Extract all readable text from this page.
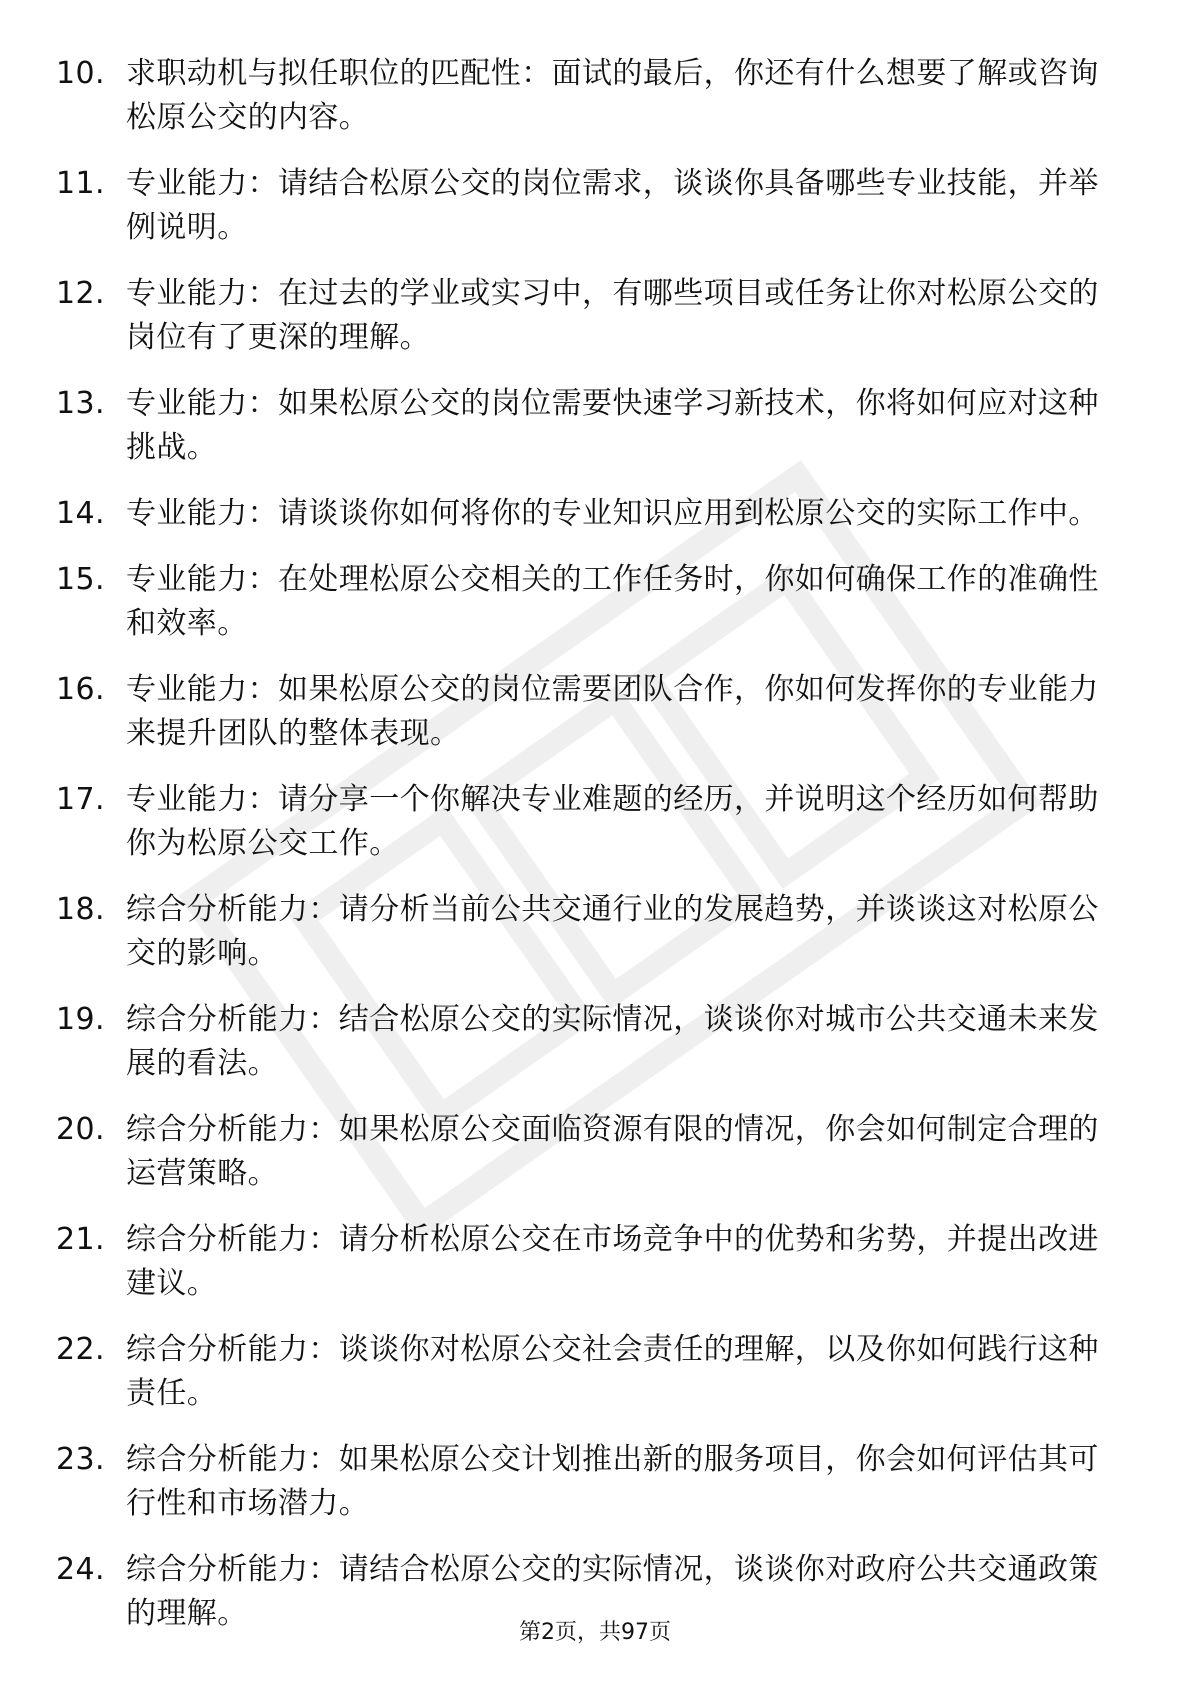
10. 求职动机与拟任职位的匹配性：面试的最后，你还有什么想要了解或咨询松原公交的内容。
11. 专业能力：请结合松原公交的岗位需求，谈谈你具备哪些专业技能，并举例说明。
12. 专业能力：在过去的学业或实习中，有哪些项目或任务让你对松原公交的岗位有了更深的理解。
13. 专业能力：如果松原公交的岗位需要快速学习新技术，你将如何应对这种挑战。
14. 专业能力：请谈谈你如何将你的专业知识应用到松原公交的实际工作中。
15. 专业能力：在处理松原公交相关的工作任务时，你如何确保工作的准确性和效率。
16. 专业能力：如果松原公交的岗位需要团队合作，你如何发挥你的专业能力来提升团队的整体表现。
17. 专业能力：请分享一个你解决专业难题的经历，并说明这个经历如何帮助你为松原公交工作。
18. 综合分析能力：请分析当前公共交通行业的发展趋势，并谈谈这对松原公交的影响。
19. 综合分析能力：结合松原公交的实际情况，谈谈你对城市公共交通未来发展的看法。
20. 综合分析能力：如果松原公交面临资源有限的情况，你会如何制定合理的运营策略。
21. 综合分析能力：请分析松原公交在市场竞争中的优势和劣势，并提出改进建议。
22. 综合分析能力：谈谈你对松原公交社会责任的理解，以及你如何践行这种责任。
23. 综合分析能力：如果松原公交计划推出新的服务项目，你会如何评估其可行性和市场潜力。
24. 综合分析能力：请结合松原公交的实际情况，谈谈你对政府公共交通政策的理解。
第2页，共97页
